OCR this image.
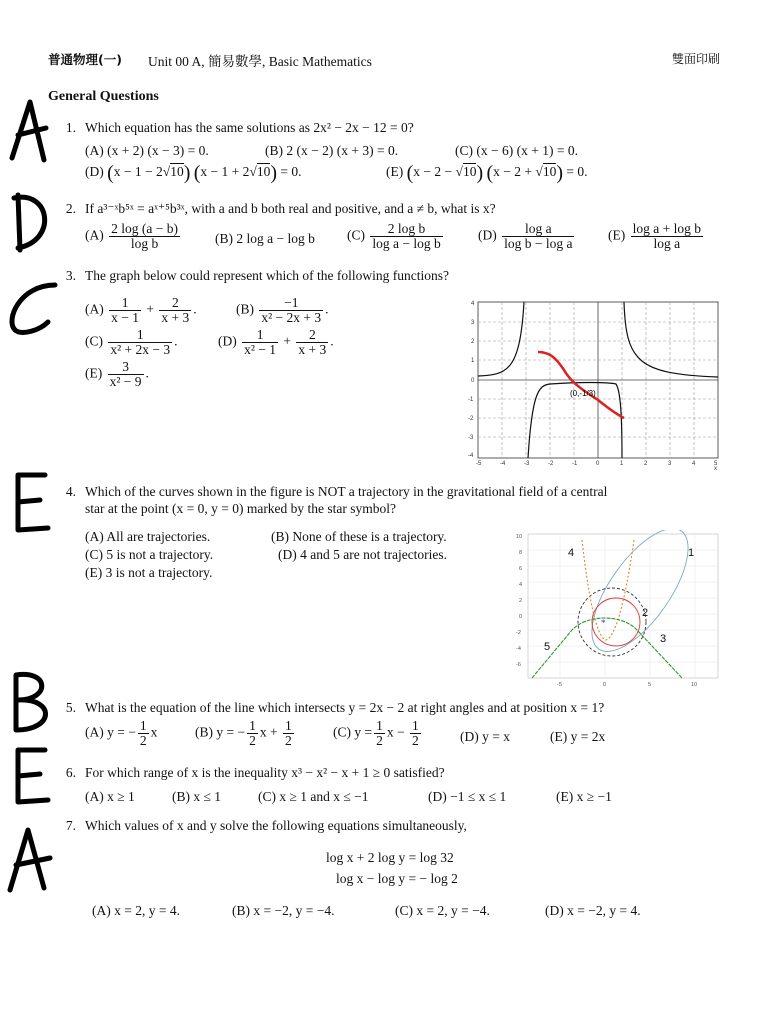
普通物理(一) Unit 00 A, 簡易數學, Basic Mathematics	雙面印刷
General Questions
1. Which equation has the same solutions as 2x² − 2x − 12 = 0?
(A) (x + 2) (x − 3) = 0.	(B) 2 (x − 2) (x + 3) = 0.	(C) (x − 6) (x + 1) = 0.
(D) (x − 1 − 2√10) (x − 1 + 2√10) = 0.	(E) (x − 2 − √10) (x − 2 + √10) = 0.
2. If a³⁻ˣb⁵ˣ = aˣ⁺⁵b³ˣ, with a and b both real and positive, and a ≠ b, what is x?
$(A) \frac{2 \log (a - b)}{\text{log b}}$	(B) 2 log a − log b $(C) \frac{\text{2 log b}}{\text{log a − log b}}$	$(D) \frac{\text{log a}}{\text{log b − log a}} (E) \frac{\text{log a + log b}}{\text{log a}}$
3. The graph below could represent which of the following functions?
$(A) \frac{1}{x - 1} + \frac{2}{x + 3}$ .	$(B) \frac{-1}{\text{x² − 2x + 3}}$ .
$(C) \frac{1}{\text{x² + 2x − 3}}$ .	$(D) \frac{1}{\text{x² − 1}} + \frac{2}{x + 3}$ .
$(E) \frac{3}{\text{x² − 9}}$ .
(0,-1/3)
-5	-4	-3	-2	-1	0	1	2	3	4	5
x
4
3
2
1
0
-1
-2
-3
-4
4. Which of the curves shown in the figure is NOT a trajectory in the gravitational field of a central
star at the point (x = 0, y = 0) marked by the star symbol?
(A) All are trajectories.	(B) None of these is a trajectory.
(C) 5 is not a trajectory.	(D) 4 and 5 are not trajectories.
(E) 3 is not a trajectory.
*
4	1
2
3
5
10
8
6
4
2
0
-2
-4
-6
-5	0	5	10
5. What is the equation of the line which intersects y = 2x − 2 at right angles and at position x = 1?
(A) y = − $\frac{1}{2}$ x	(B) y = − $\frac{1}{2}$ $x + \frac{1}{2}$	(C) $y = \frac{1}{2}$ $x - \frac{1}{2}$	(D) y = x	(E) y = 2x
6. For which range of x is the inequality x³ − x² − x + 1 ≥ 0 satisfied?
(A) x ≥ 1	(B) x ≤ 1	(C) x ≥ 1 and x ≤ −1	(D) −1 ≤ x ≤ 1	(E) x ≥ −1
7. Which values of x and y solve the following equations simultaneously,
log x + 2 log y = log 32
log x − log y = − log 2
(A) x = 2, y = 4.	(B) x = −2, y = −4.	(C) x = 2, y = −4.	(D) x = −2, y = 4.
